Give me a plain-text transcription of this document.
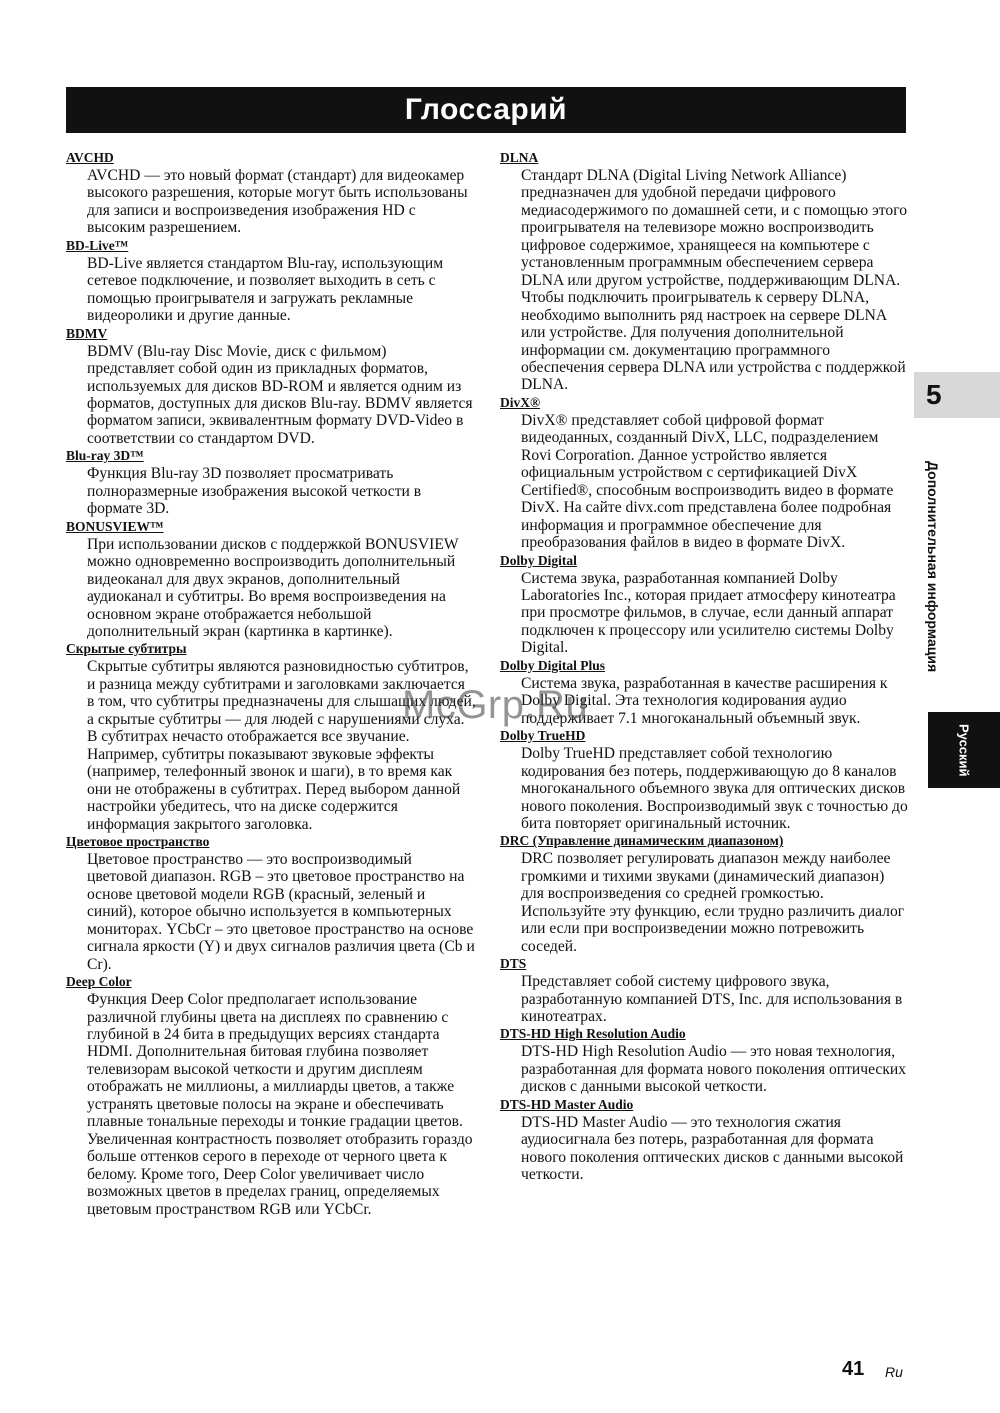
Глоссарий
AVCHD

AVCHD — это новый формат (стандарт) для видеокамер высокого разрешения, которые могут быть использованы для записи и воспроизведения изображения HD с высоким разрешением.

BD-Live™

BD-Live является стандартом Blu-ray, использующим сетевое подключение, и позволяет выходить в сеть с помощью проигрывателя и загружать рекламные видеоролики и другие данные.

BDMV

BDMV (Blu-ray Disc Movie, диск с фильмом) представляет собой один из прикладных форматов, используемых для дисков BD-ROM и является одним из форматов, доступных для дисков Blu-ray. BDMV является форматом записи, эквивалентным формату DVD-Video в соответствии со стандартом DVD.

Blu-ray 3D™

Функция Blu-ray 3D позволяет просматривать полноразмерные изображения высокой четкости в формате 3D.

BONUSVIEW™

При использовании дисков с поддержкой BONUSVIEW можно одновременно воспроизводить дополнительный видеоканал для двух экранов, дополнительный аудиоканал и субтитры. Во время воспроизведения на основном экране отображается небольшой дополнительный экран (картинка в картинке).

Скрытые субтитры

Скрытые субтитры являются разновидностью субтитров, и разница между субтитрами и заголовками заключается в том, что субтитры предназначены для слышащих людей, а скрытые субтитры — для людей с нарушениями слуха. В субтитрах нечасто отображается все звучание. Например, субтитры показывают звуковые эффекты (например, телефонный звонок и шаги), в то время как они не отображены в субтитрах. Перед выбором данной настройки убедитесь, что на диске содержится информация закрытого заголовка.

Цветовое пространство

Цветовое пространство — это воспроизводимый цветовой диапазон. RGB – это цветовое пространство на основе цветовой модели RGB (красный, зеленый и синий), которое обычно используется в компьютерных мониторах. YCbCr – это цветовое пространство на основе сигнала яркости (Y) и двух сигналов различия цвета (Cb и Cr).

Deep Color

Функция Deep Color предполагает использование различной глубины цвета на дисплеях по сравнению с глубиной в 24 бита в предыдущих версиях стандарта HDMI. Дополнительная битовая глубина позволяет телевизорам высокой четкости и другим дисплеям отображать не миллионы, а миллиарды цветов, а также устранять цветовые полосы на экране и обеспечивать плавные тональные переходы и тонкие градации цветов. Увеличенная контрастность позволяет отобразить гораздо больше оттенков серого в переходе от черного цвета к белому. Кроме того, Deep Color увеличивает число возможных цветов в пределах границ, определяемых цветовым пространством RGB или YCbCr.

DLNA

Стандарт DLNA (Digital Living Network Alliance) предназначен для удобной передачи цифрового медиасодержимого по домашней сети, и с помощью этого проигрывателя на телевизоре можно воспроизводить цифровое содержимое, хранящееся на компьютере с установленным программным обеспечением сервера DLNA или другом устройстве, поддерживающим DLNA. Чтобы подключить проигрыватель к серверу DLNA, необходимо выполнить ряд настроек на сервере DLNA или устройстве. Для получения дополнительной информации см. документацию программного обеспечения сервера DLNA или устройства с поддержкой DLNA.

DivX®

DivX® представляет собой цифровой формат видеоданных, созданный DivX, LLC, подразделением Rovi Corporation. Данное устройство является официальным устройством с сертификацией DivX Certified®, способным воспроизводить видео в формате DivX. На сайте divx.com представлена более подробная информация и программное обеспечение для преобразования файлов в видео в формате DivX.

Dolby Digital

Система звука, разработанная компанией Dolby Laboratories Inc., которая придает атмосферу кинотеатра при просмотре фильмов, в случае, если данный аппарат подключен к процессору или усилителю системы Dolby Digital.

Dolby Digital Plus

Система звука, разработанная в качестве расширения к Dolby Digital. Эта технология кодирования аудио поддерживает 7.1 многоканальный объемный звук.

Dolby TrueHD

Dolby TrueHD представляет собой технологию кодирования без потерь, поддерживающую до 8 каналов многоканального объемного звука для оптических дисков нового поколения. Воспроизводимый звук с точностью до бита повторяет оригинальный источник.

DRC (Управление динамическим диапазоном)

DRC позволяет регулировать диапазон между наиболее громкими и тихими звуками (динамический диапазон) для воспроизведения со средней громкостью. Используйте эту функцию, если трудно различить диалог или если при воспроизведении можно потревожить соседей.

DTS

Представляет собой систему цифрового звука, разработанную компанией DTS, Inc. для использования в кинотеатрах.

DTS-HD High Resolution Audio

DTS-HD High Resolution Audio — это новая технология, разработанная для формата нового поколения оптических дисков с данными высокой четкости.

DTS-HD Master Audio

DTS-HD Master Audio — это технология сжатия аудиосигнала без потерь, разработанная для формата нового поколения оптических дисков с данными высокой четкости.

5
Дополнительная информация
Русский
McGrp.Ru
41 Ru
